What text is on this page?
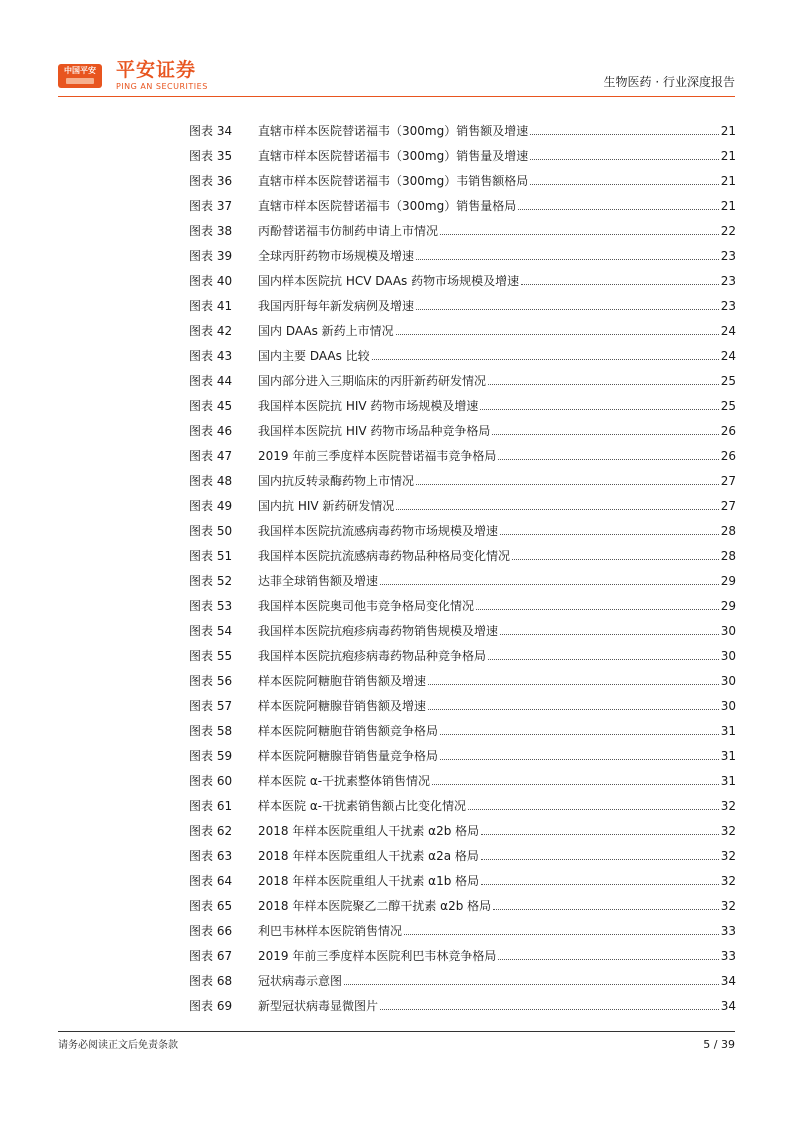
中国平安	平安证券
PING AN SECURITIES	生物医药 · 行业深度报告
图表 34	直辖市样本医院替诺福韦（300mg）销售额及增速	21
图表 35	直辖市样本医院替诺福韦（300mg）销售量及增速	21
图表 36	直辖市样本医院替诺福韦（300mg）韦销售额格局	21
图表 37	直辖市样本医院替诺福韦（300mg）销售量格局	21
图表 38	丙酚替诺福韦仿制药申请上市情况	22
图表 39	全球丙肝药物市场规模及增速	23
图表 40	国内样本医院抗 HCV DAAs 药物市场规模及增速	23
图表 41	我国丙肝每年新发病例及增速	23
图表 42	国内 DAAs 新药上市情况	24
图表 43	国内主要 DAAs 比较	24
图表 44	国内部分进入三期临床的丙肝新药研发情况	25
图表 45	我国样本医院抗 HIV 药物市场规模及增速	25
图表 46	我国样本医院抗 HIV 药物市场品种竞争格局	26
图表 47	2019 年前三季度样本医院替诺福韦竞争格局	26
图表 48	国内抗反转录酶药物上市情况	27
图表 49	国内抗 HIV 新药研发情况	27
图表 50	我国样本医院抗流感病毒药物市场规模及增速	28
图表 51	我国样本医院抗流感病毒药物品种格局变化情况	28
图表 52	达菲全球销售额及增速	29
图表 53	我国样本医院奥司他韦竞争格局变化情况	29
图表 54	我国样本医院抗疱疹病毒药物销售规模及增速	30
图表 55	我国样本医院抗疱疹病毒药物品种竞争格局	30
图表 56	样本医院阿糖胞苷销售额及增速	30
图表 57	样本医院阿糖腺苷销售额及增速	30
图表 58	样本医院阿糖胞苷销售额竞争格局	31
图表 59	样本医院阿糖腺苷销售量竞争格局	31
图表 60	样本医院 α-干扰素整体销售情况	31
图表 61	样本医院 α-干扰素销售额占比变化情况	32
图表 62	2018 年样本医院重组人干扰素 α2b 格局	32
图表 63	2018 年样本医院重组人干扰素 α2a 格局	32
图表 64	2018 年样本医院重组人干扰素 α1b 格局	32
图表 65	2018 年样本医院聚乙二醇干扰素 α2b 格局	32
图表 66	利巴韦林样本医院销售情况	33
图表 67	2019 年前三季度样本医院利巴韦林竞争格局	33
图表 68	冠状病毒示意图	34
图表 69	新型冠状病毒显微图片	34
请务必阅读正文后免责条款	5 / 39
